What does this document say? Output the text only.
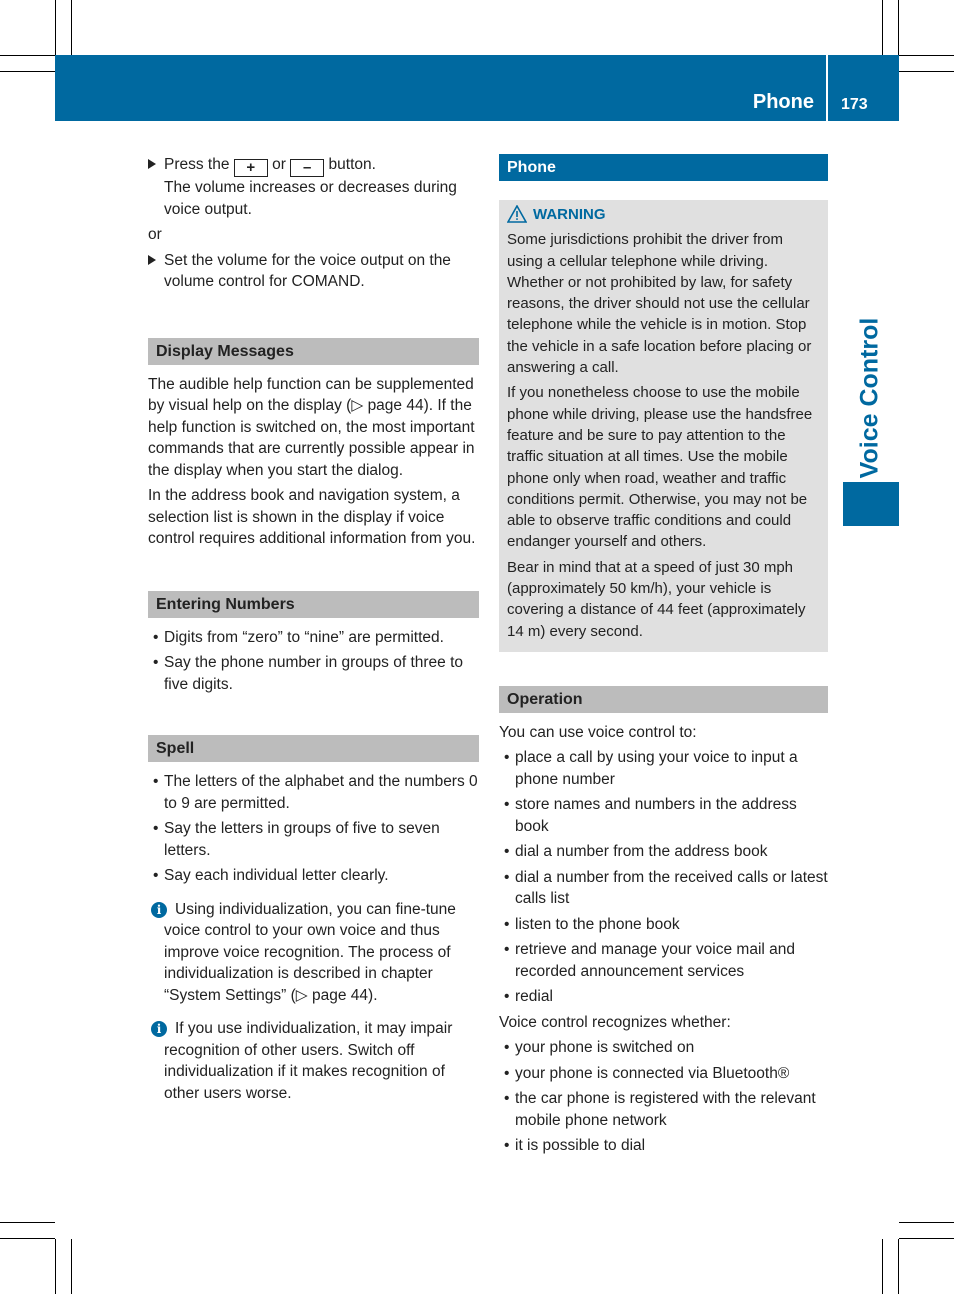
Phone 173
Voice Control
Press the + or – button.
The volume increases or decreases during voice output.

or

Set the volume for the voice output on the volume control for COMAND.
Display Messages

The audible help function can be supplemented by visual help on the display (▷ page 44). If the help function is switched on, the most important commands that are currently possible appear in the display when you start the dialog.

In the address book and navigation system, a selection list is shown in the display if voice control requires additional information from you.

Entering Numbers
• Digits from “zero” to “nine” are permitted.
• Say the phone number in groups of three to five digits.
Spell
• The letters of the alphabet and the numbers 0 to 9 are permitted.
• Say the letters in groups of five to seven letters.
• Say each individual letter clearly.
i Using individualization, you can fine-tune voice control to your own voice and thus improve voice recognition. The process of individualization is described in chapter “System Settings” (▷ page 44).
i If you use individualization, it may impair recognition of other users. Switch off individualization if it makes recognition of other users worse.
Phone
WARNING

Some jurisdictions prohibit the driver from using a cellular telephone while driving. Whether or not prohibited by law, for safety reasons, the driver should not use the cellular telephone while the vehicle is in motion. Stop the vehicle in a safe location before placing or answering a call.

If you nonetheless choose to use the mobile phone while driving, please use the handsfree feature and be sure to pay attention to the traffic situation at all times. Use the mobile phone only when road, weather and traffic conditions permit. Otherwise, you may not be able to observe traffic conditions and could endanger yourself and others.

Bear in mind that at a speed of just 30 mph (approximately 50 km/h), your vehicle is covering a distance of 44 feet (approximately 14 m) every second.

Operation

You can use voice control to:

• place a call by using your voice to input a phone number
• store names and numbers in the address book
• dial a number from the address book
• dial a number from the received calls or latest calls list
• listen to the phone book
• retrieve and manage your voice mail and recorded announcement services
• redial

Voice control recognizes whether:

• your phone is switched on
• your phone is connected via Bluetooth®
• the car phone is registered with the relevant mobile phone network
• it is possible to dial
